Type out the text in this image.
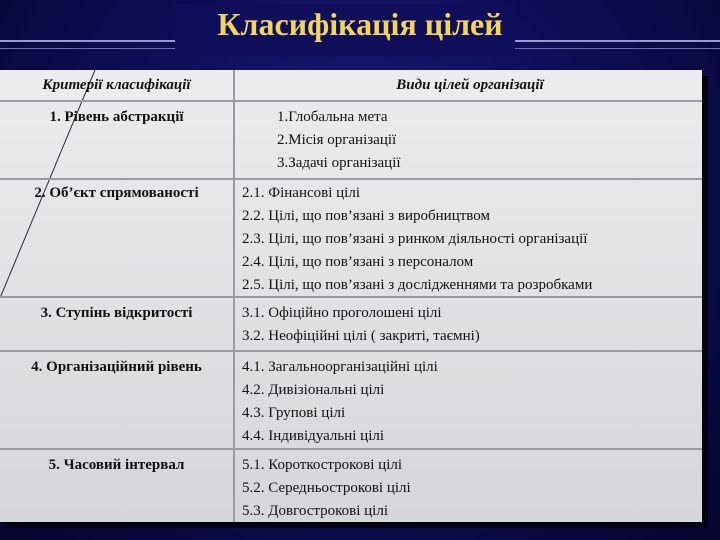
Класифікація цілей
Критерії класифікації	Види цілей організації
1. Рівень абстракції	1.Глобальна мета
2.Місія організації
3.Задачі організації
2. Об’єкт спрямованості	2.1. Фінансові цілі
2.2. Цілі, що пов’язані з виробництвом
2.3. Цілі, що пов’язані з ринком діяльності організації
2.4. Цілі, що пов’язані з персоналом
2.5. Цілі, що пов’язані з дослідженнями та розробками
3. Ступінь відкритості	3.1. Офіційно проголошені цілі
3.2. Неофіційні цілі ( закриті, таємні)
4. Організаційний рівень	4.1. Загальноорганізаційні цілі
4.2. Дивізіональні цілі
4.3. Групові цілі
4.4. Індивідуальні цілі
5. Часовий інтервал	5.1. Короткострокові цілі
5.2. Середньострокові цілі
5.3. Довгострокові цілі
